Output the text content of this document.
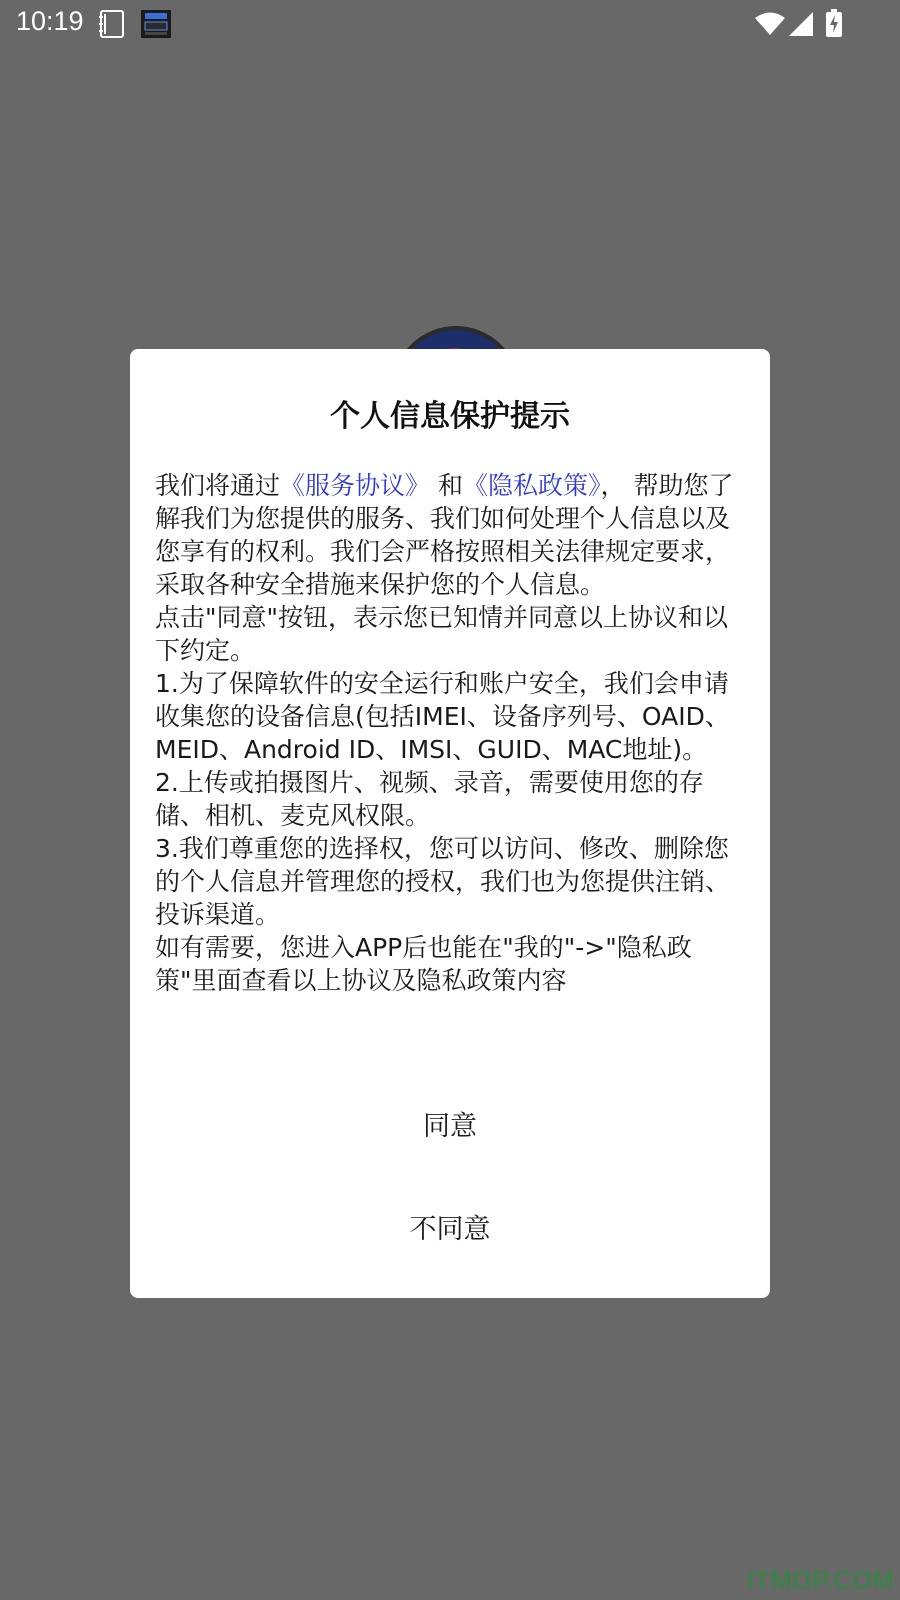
10:19
个人信息保护提示

我们将通过《服务协议》 和《隐私政策》， 帮助您了解我们为您提供的服务、我们如何处理个人信息以及您享有的权利。我们会严格按照相关法律规定要求， 采取各种安全措施来保护您的个人信息。

点击"同意"按钮，表示您已知情并同意以上协议和以下约定。

1.为了保障软件的安全运行和账户安全，我们会申请收集您的设备信息(包括IMEI、设备序列号、OAID、MEID、Android ID、IMSI、GUID、MAC地址)。

2.上传或拍摄图片、视频、录音，需要使用您的存储、相机、麦克风权限。

3.我们尊重您的选择权，您可以访问、修改、删除您的个人信息并管理您的授权，我们也为您提供注销、投诉渠道。

如有需要，您进入APP后也能在"我的"->"隐私政策"里面查看以上协议及隐私政策内容

同意
不同意
ITMOP.COM
